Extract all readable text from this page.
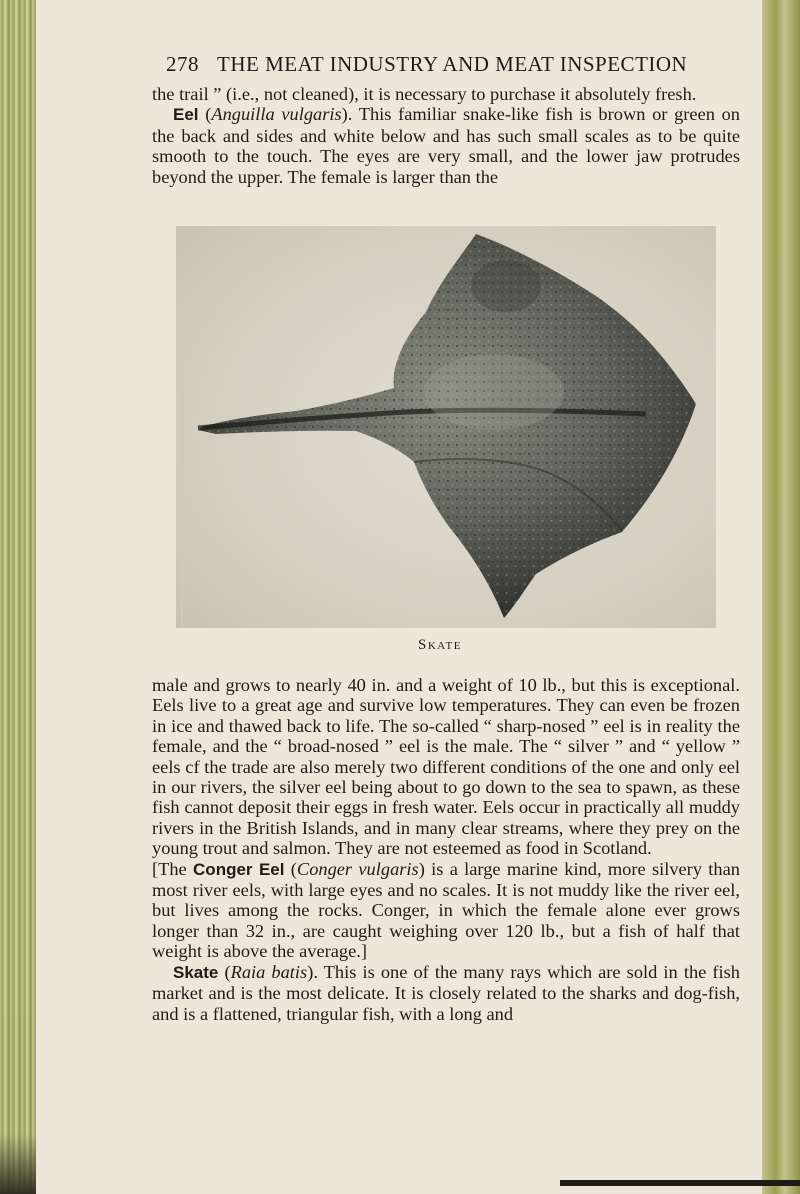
278 THE MEAT INDUSTRY AND MEAT INSPECTION

the trail ” (i.e., not cleaned), it is necessary to purchase it absolutely fresh.

Eel (Anguilla vulgaris). This familiar snake-like fish is brown or green on the back and sides and white below and has such small scales as to be quite smooth to the touch. The eyes are very small, and the lower jaw protrudes beyond the upper. The female is larger than the

Skate

male and grows to nearly 40 in. and a weight of 10 lb., but this is exceptional. Eels live to a great age and survive low temperatures. They can even be frozen in ice and thawed back to life. The so-called “ sharp-nosed ” eel is in reality the female, and the “ broad-nosed ” eel is the male. The “ silver ” and “ yellow ” eels cf the trade are also merely two different conditions of the one and only eel in our rivers, the silver eel being about to go down to the sea to spawn, as these fish cannot deposit their eggs in fresh water. Eels occur in practically all muddy rivers in the British Islands, and in many clear streams, where they prey on the young trout and salmon. They are not esteemed as food in Scotland.

[The Conger Eel (Conger vulgaris) is a large marine kind, more silvery than most river eels, with large eyes and no scales. It is not muddy like the river eel, but lives among the rocks. Conger, in which the female alone ever grows longer than 32 in., are caught weighing over 120 lb., but a fish of half that weight is above the average.]

Skate (Raia batis). This is one of the many rays which are sold in the fish market and is the most delicate. It is closely related to the sharks and dog-fish, and is a flattened, triangular fish, with a long and
